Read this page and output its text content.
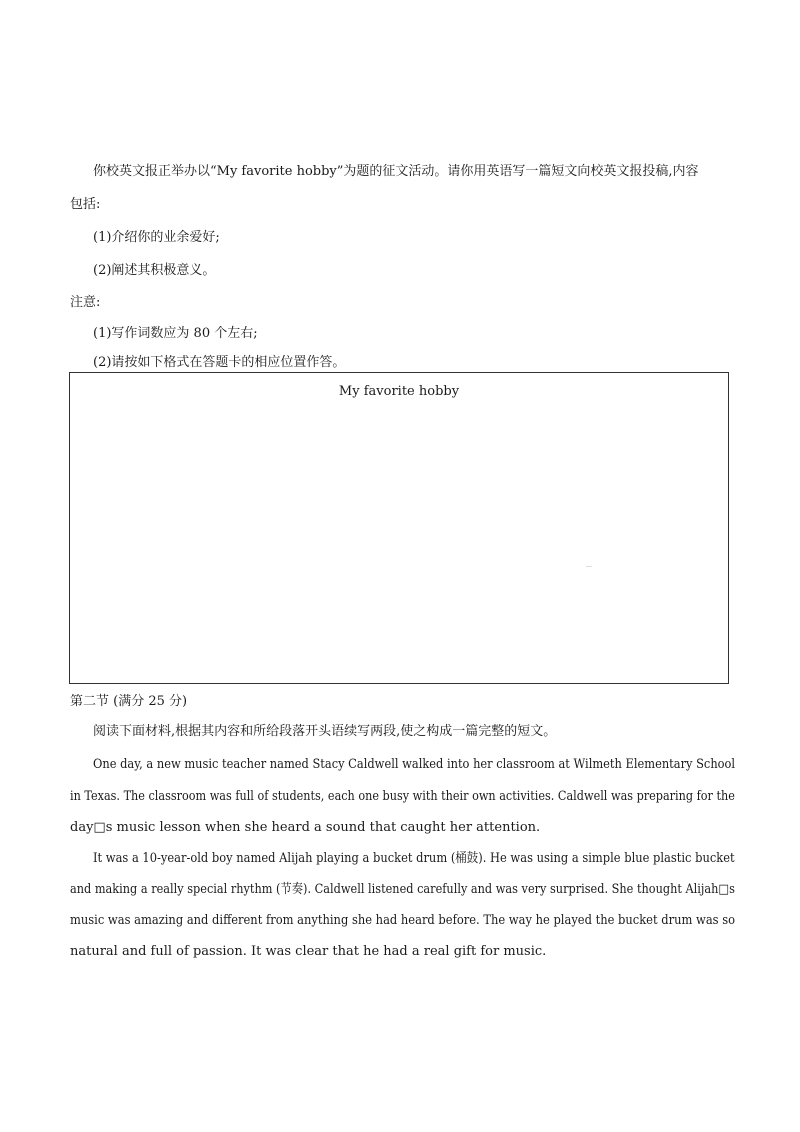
你校英文报正举办以“My favorite hobby”为题的征文活动。请你用英语写一篇短文向校英文报投稿,内容
包括:
(1)介绍你的业余爱好;
(2)阐述其积极意义。
注意:
(1)写作词数应为 80 个左右;
(2)请按如下格式在答题卡的相应位置作答。
My favorite hobby
第二节 (满分 25 分)
阅读下面材料,根据其内容和所给段落开头语续写两段,使之构成一篇完整的短文。
One day, a new music teacher named Stacy Caldwell walked into her classroom at Wilmeth Elementary School
in Texas. The classroom was full of students, each one busy with their own activities. Caldwell was preparing for the
day□s music lesson when she heard a sound that caught her attention.
It was a 10-year-old boy named Alijah playing a bucket drum (桶鼓). He was using a simple blue plastic bucket
and making a really special rhythm (节奏). Caldwell listened carefully and was very surprised. She thought Alijah□s
music was amazing and different from anything she had heard before. The way he played the bucket drum was so
natural and full of passion. It was clear that he had a real gift for music.
